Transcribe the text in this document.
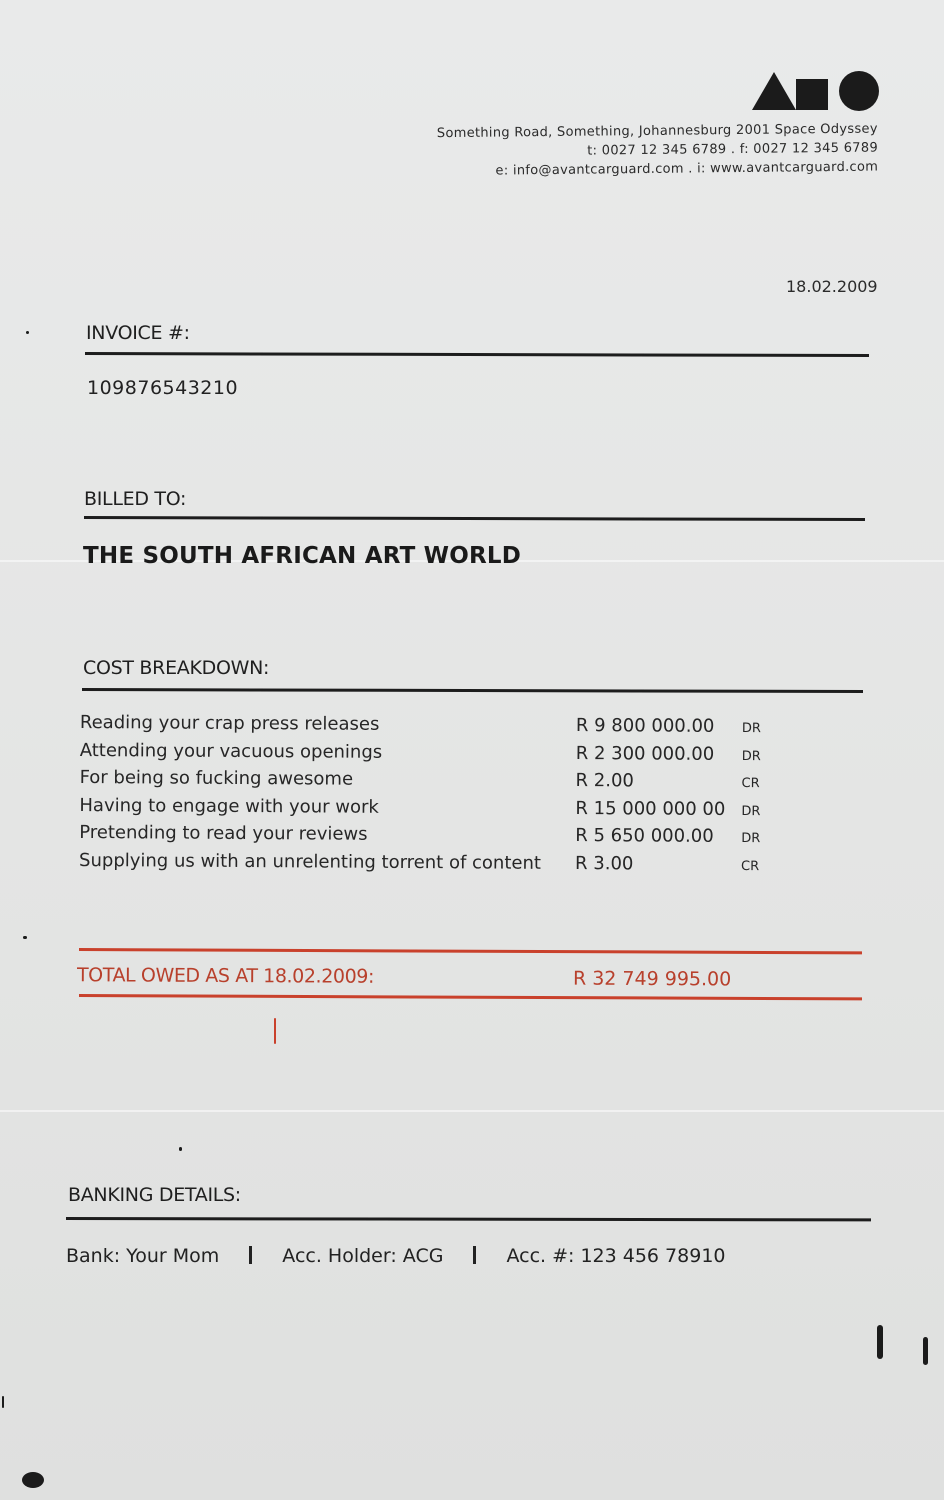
Something Road, Something, Johannesburg 2001 Space Odyssey
t: 0027 12 345 6789 . f: 0027 12 345 6789
e: info@avantcarguard.com . i: www.avantcarguard.com
18.02.2009
INVOICE #:
109876543210
BILLED TO:
THE SOUTH AFRICAN ART WORLD
COST BREAKDOWN:
Reading your crap press releases	R 9 800 000.00 DR
Attending your vacuous openings	R 2 300 000.00 DR
For being so fucking awesome	R 2.00	CR
Having to engage with your work	R 15 000 000 00 DR
Pretending to read your reviews	R 5 650 000.00 DR
Supplying us with an unrelenting torrent of content R 3.00	CR
TOTAL OWED AS AT 18.02.2009:	R 32 749 995.00
BANKING DETAILS:
Bank: Your Mom	Acc. Holder: ACG	Acc. #: 123 456 78910
